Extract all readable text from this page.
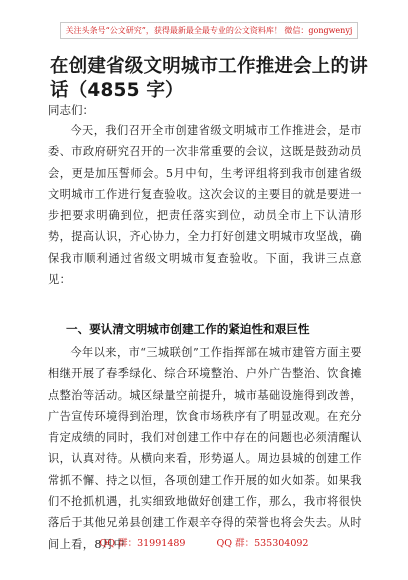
关注头条号“公文研究”，获得最新最全最专业的公文资料库！ 微信：gongwenyj
在创建省级文明城市工作推进会上的讲话（4855 字）
同志们：

今天，我们召开全市创建省级文明城市工作推进会，是市委、市政府研究召开的一次非常重要的会议，这既是鼓劲动员会，更是加压誓师会。5月中旬，生考评组将到我市创建省级文明城市工作进行复查验收。这次会议的主要目的就是要进一步把要求明确到位，把责任落实到位，动员全市上下认清形势，提高认识，齐心协力，全力打好创建文明城市攻坚战，确保我市顺利通过省级文明城市复查验收。下面，我讲三点意见：

一、要认清文明城市创建工作的紧迫性和艰巨性

今年以来，市“三城联创”工作指挥部在城市建管方面主要相继开展了春季绿化、综合环境整治、户外广告整治、饮食摊点整治等活动。城区绿量空前提升，城市基础设施得到改善，广告宣传环境得到治理，饮食市场秩序有了明显改观。在充分肯定成绩的同时，我们对创建工作中存在的问题也必须清醒认识，认真对待。从横向来看，形势逼人。周边县城的创建工作常抓不懈、持之以恒，各项创建工作开展的如火如荼。如果我们不抢抓机遇，扎实细致地做好创建工作，那么，我市将很快落后于其他兄弟县创建工作艰辛夺得的荣誉也将会失去。从时间上看，8月中

QQ 群：31991489	QQ 群：535304092
